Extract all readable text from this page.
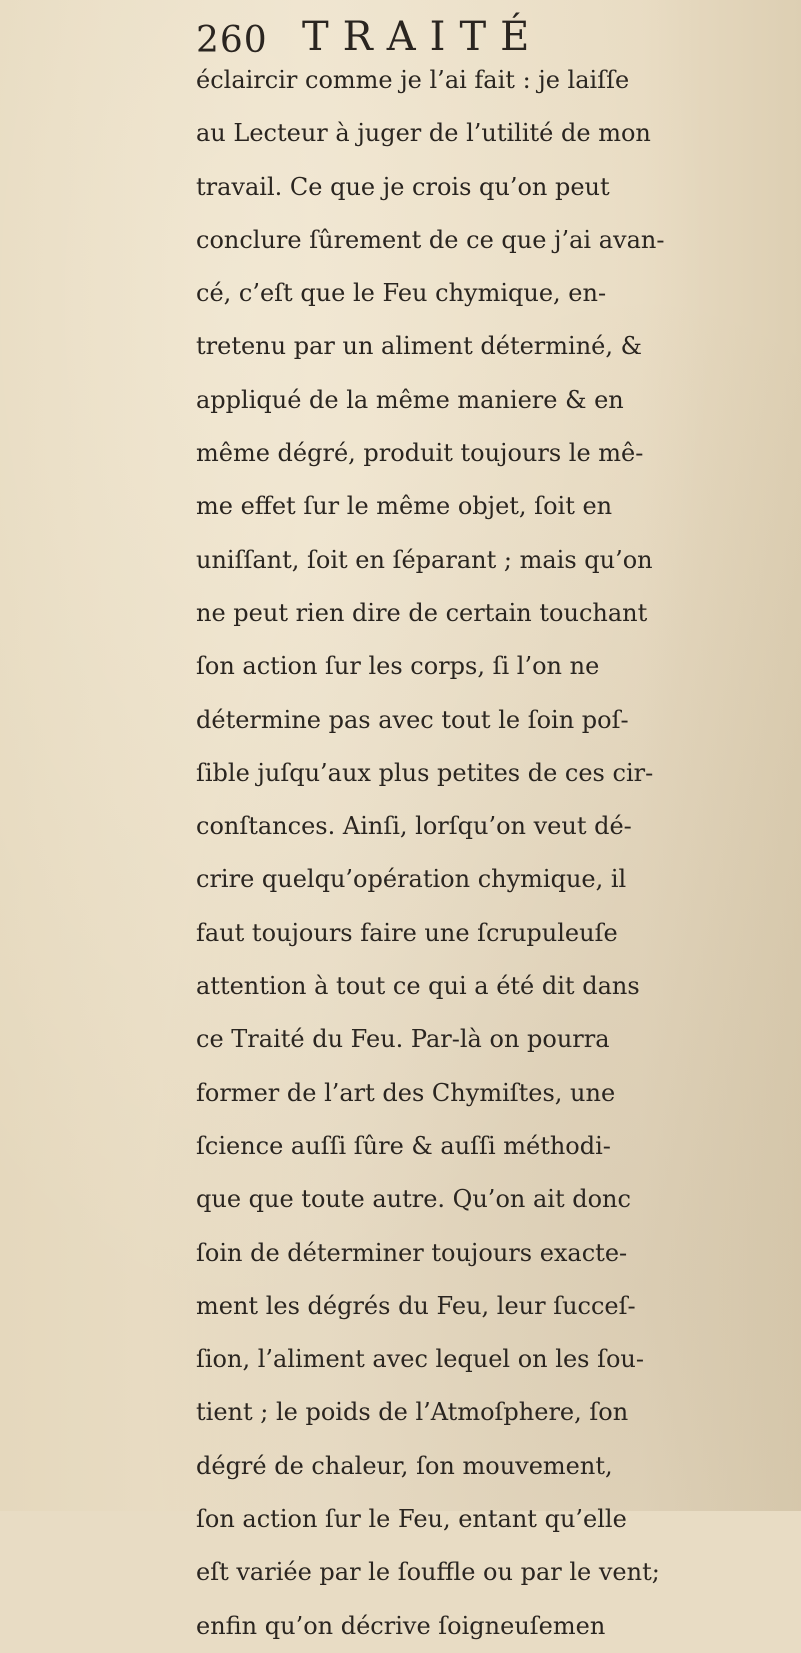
260 TRAITÉ
éclaircir comme je l’ai fait : je laiſſe
au Lecteur à juger de l’utilité de mon
travail. Ce que je crois qu’on peut
conclure ſûrement de ce que j’ai avan-
cé, c’eſt que le Feu chymique, en-
tretenu par un aliment déterminé, &
appliqué de la même maniere & en
même dégré, produit toujours le mê-
me effet ſur le même objet, ſoit en
uniſſant, ſoit en ſéparant ; mais qu’on
ne peut rien dire de certain touchant
ſon action ſur les corps, ſi l’on ne
détermine pas avec tout le ſoin poſ-
ſible juſqu’aux plus petites de ces cir-
conſtances. Ainſi, lorſqu’on veut dé-
crire quelqu’opération chymique, il
faut toujours faire une ſcrupuleuſe
attention à tout ce qui a été dit dans
ce Traité du Feu. Par-là on pourra
former de l’art des Chymiſtes, une
ſcience auſſi ſûre & auſſi méthodi-
que que toute autre. Qu’on ait donc
ſoin de déterminer toujours exacte-
ment les dégrés du Feu, leur ſucceſ-
ſion, l’aliment avec lequel on les ſou-
tient ; le poids de l’Atmoſphere, ſon
dégré de chaleur, ſon mouvement,
ſon action ſur le Feu, entant qu’elle
eſt variée par le ſouffle ou par le vent;
enfin qu’on décrive ſoigneuſemen
